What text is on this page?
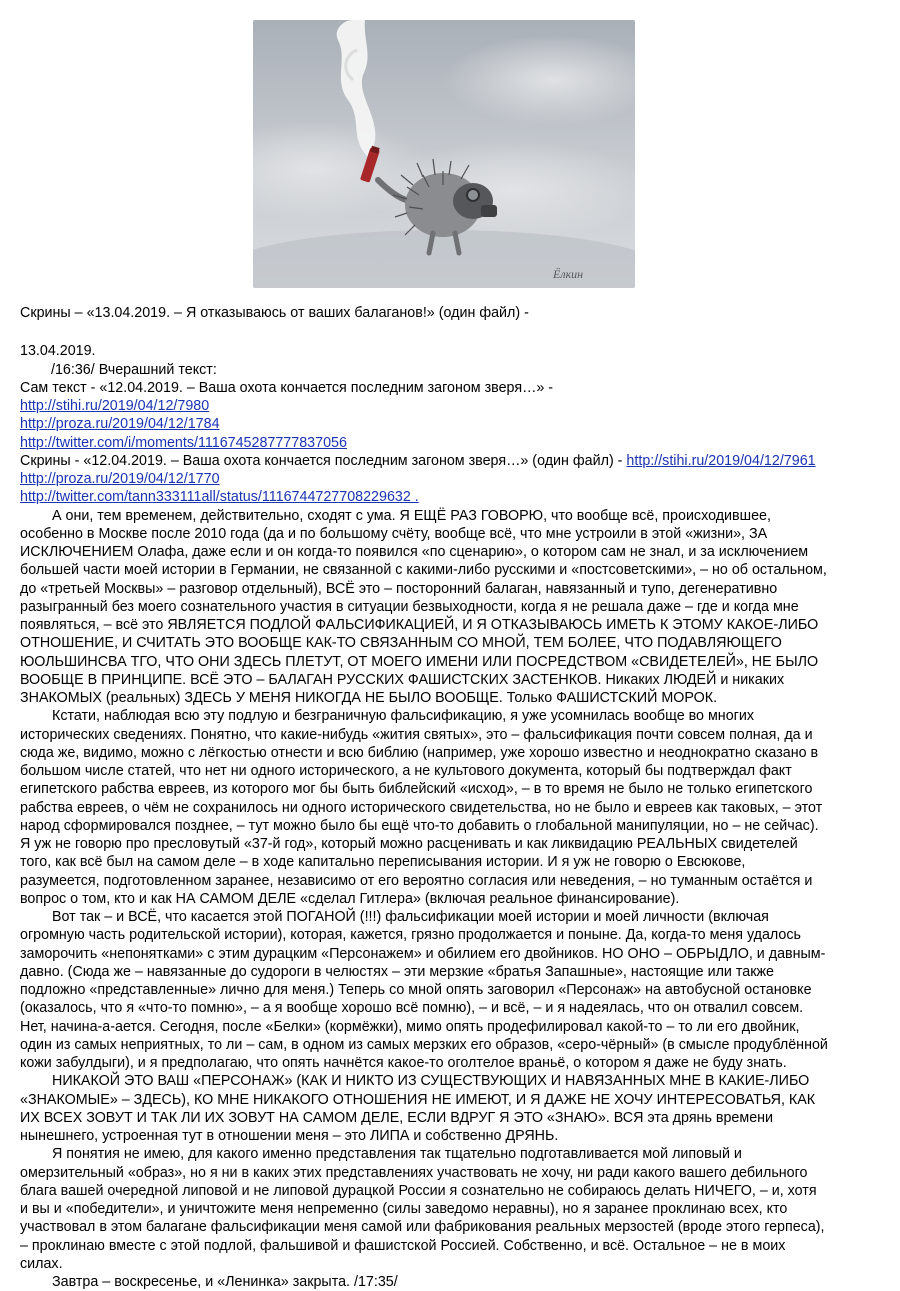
Ёлкин
Скрины – «13.04.2019. – Я отказываюсь от ваших балаганов!» (один файл) -
13.04.2019.
/16:36/ Вчерашний текст:
Сам текст - «12.04.2019. – Ваша охота кончается последним загоном зверя…» -
http://stihi.ru/2019/04/12/7980
http://proza.ru/2019/04/12/1784
http://twitter.com/i/moments/1116745287777837056
Скрины - «12.04.2019. – Ваша охота кончается последним загоном зверя…» (один файл) - http://stihi.ru/2019/04/12/7961
http://proza.ru/2019/04/12/1770
http://twitter.com/tann333111all/status/1116744727708229632 .
А они, тем временем, действительно, сходят с ума. Я ЕЩЁ РАЗ ГОВОРЮ, что вообще всё, происходившее,
особенно в Москве после 2010 года (да и по большому счёту, вообще всё, что мне устроили в этой «жизни», ЗА
ИСКЛЮЧЕНИЕМ Олафа, даже если и он когда-то появился «по сценарию», о котором сам не знал, и за исключением
большей части моей истории в Германии, не связанной с какими-либо русскими и «постсоветскими», – но об остальном,
до «третьей Москвы» – разговор отдельный), ВСЁ это – посторонний балаган, навязанный и тупо, дегенеративно
разыгранный без моего сознательного участия в ситуации безвыходности, когда я не решала даже – где и когда мне
появляться, – всё это ЯВЛЯЕТСЯ ПОДЛОЙ ФАЛЬСИФИКАЦИЕЙ, И Я ОТКАЗЫВАЮСЬ ИМЕТЬ К ЭТОМУ КАКОЕ-ЛИБО
ОТНОШЕНИЕ, И СЧИТАТЬ ЭТО ВООБЩЕ КАК-ТО СВЯЗАННЫМ СО МНОЙ, ТЕМ БОЛЕЕ, ЧТО ПОДАВЛЯЮЩЕГО
ЮОЛЬШИНСВА ТГО, ЧТО ОНИ ЗДЕСЬ ПЛЕТУТ, ОТ МОЕГО ИМЕНИ ИЛИ ПОСРЕДСТВОМ «СВИДЕТЕЛЕЙ», НЕ БЫЛО
ВООБЩЕ В ПРИНЦИПЕ. ВСЁ ЭТО – БАЛАГАН РУССКИХ ФАШИСТСКИХ ЗАСТЕНКОВ. Никаких ЛЮДЕЙ и никаких
ЗНАКОМЫХ (реальных) ЗДЕСЬ У МЕНЯ НИКОГДА НЕ БЫЛО ВООБЩЕ. Только ФАШИСТСКИЙ МОРОК.
Кстати, наблюдая всю эту подлую и безграничную фальсификацию, я уже усомнилась вообще во многих
исторических сведениях. Понятно, что какие-нибудь «жития святых», это – фальсификация почти совсем полная, да и
сюда же, видимо, можно с лёгкостью отнести и всю библию (например, уже хорошо известно и неоднократно сказано в
большом числе статей, что нет ни одного исторического, а не культового документа, который бы подтверждал факт
египетского рабства евреев, из которого мог бы быть библейский «исход», – в то время не было не только египетского
рабства евреев, о чём не сохранилось ни одного исторического свидетельства, но не было и евреев как таковых, – этот
народ сформировался позднее, – тут можно было бы ещё что-то добавить о глобальной манипуляции, но – не сейчас).
Я уж не говорю про пресловутый «37-й год», который можно расценивать и как ликвидацию РЕАЛЬНЫХ свидетелей
того, как всё был на самом деле – в ходе капитально переписывания истории. И я уж не говорю о Евсюкове,
разумеется, подготовленном заранее, независимо от его вероятно согласия или неведения, – но туманным остаётся и
вопрос о том, кто и как НА САМОМ ДЕЛЕ «сделал Гитлера» (включая реальное финансирование).
Вот так – и ВСЁ, что касается этой ПОГАНОЙ (!!!) фальсификации моей истории и моей личности (включая
огромную часть родительской истории), которая, кажется, грязно продолжается и поныне. Да, когда-то меня удалось
заморочить «непонятками» с этим дурацким «Персонажем» и обилием его двойников. НО ОНО – ОБРЫДЛО, и давным-
давно. (Сюда же – навязанные до судороги в челюстях – эти мерзкие «братья Запашные», настоящие или также
подложно «представленные» лично для меня.) Теперь со мной опять заговорил «Персонаж» на автобусной остановке
(оказалось, что я «что-то помню», – а я вообще хорошо всё помню), – и всё, – и я надеялась, что он отвалил совсем.
Нет, начина-а-ается. Сегодня, после «Белки» (кормёжки), мимо опять продефилировал какой-то – то ли его двойник,
один из самых неприятных, то ли – сам, в одном из самых мерзких его образов, «серо-чёрный» (в смысле продублённой
кожи забулдыги), и я предполагаю, что опять начнётся какое-то оголтелое враньё, о котором я даже не буду знать.
НИКАКОЙ ЭТО ВАШ «ПЕРСОНАЖ» (КАК И НИКТО ИЗ СУЩЕСТВУЮЩИХ И НАВЯЗАННЫХ МНЕ В КАКИЕ-ЛИБО
«ЗНАКОМЫЕ» – ЗДЕСЬ), КО МНЕ НИКАКОГО ОТНОШЕНИЯ НЕ ИМЕЮТ, И Я ДАЖЕ НЕ ХОЧУ ИНТЕРЕСОВАТЬЯ, КАК
ИХ ВСЕХ ЗОВУТ И ТАК ЛИ ИХ ЗОВУТ НА САМОМ ДЕЛЕ, ЕСЛИ ВДРУГ Я ЭТО «ЗНАЮ». ВСЯ эта дрянь времени
нынешнего, устроенная тут в отношении меня – это ЛИПА и собственно ДРЯНЬ.
Я понятия не имею, для какого именно представления так тщательно подготавливается мой липовый и
омерзительный «образ», но я ни в каких этих представлениях участвовать не хочу, ни ради какого вашего дебильного
блага вашей очередной липовой и не липовой дурацкой России я сознательно не собираюсь делать НИЧЕГО, – и, хотя
и вы и «победители», и уничтожите меня непременно (силы заведомо неравны), но я заранее проклинаю всех, кто
участвовал в этом балагане фальсификации меня самой или фабрикования реальных мерзостей (вроде этого герпеса),
– проклинаю вместе с этой подлой, фальшивой и фашистской Россией. Собственно, и всё. Остальное – не в моих
силах.
Завтра – воскресенье, и «Ленинка» закрыта. /17:35/
